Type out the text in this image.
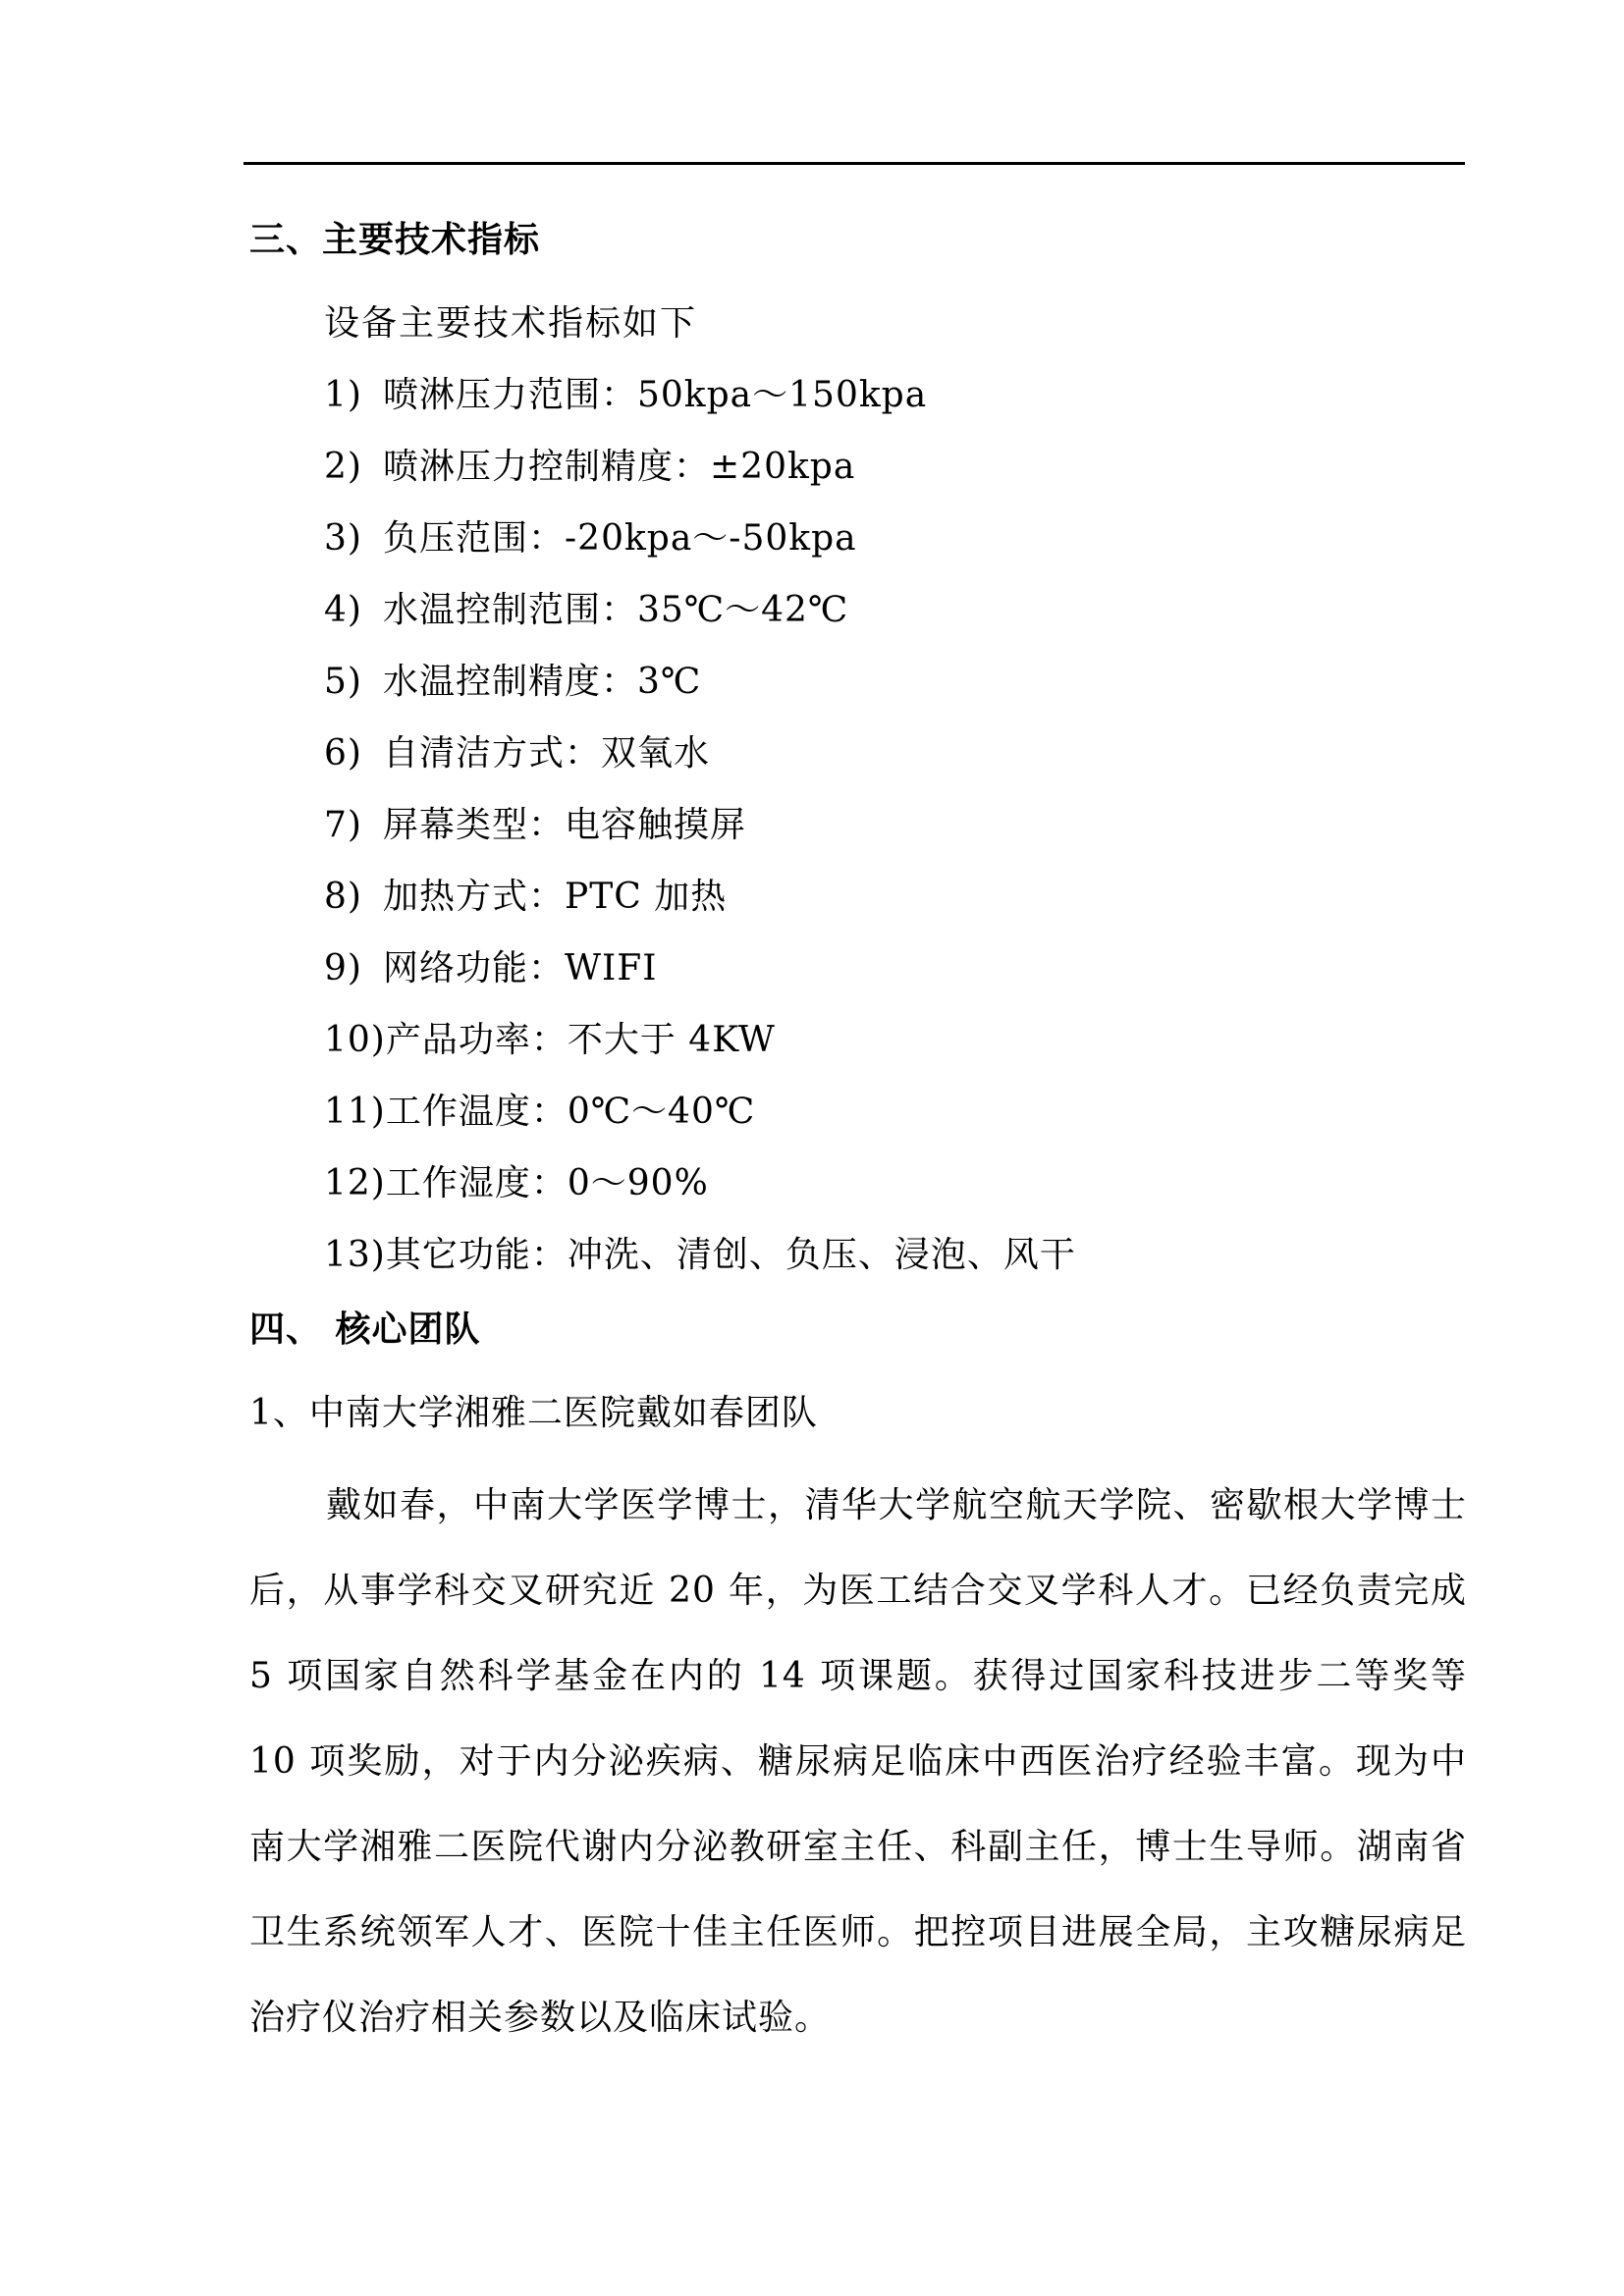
三、主要技术指标
设备主要技术指标如下
1) 喷淋压力范围：50kpa～150kpa
2) 喷淋压力控制精度：±20kpa
3) 负压范围：-20kpa～-50kpa
4) 水温控制范围：35℃～42℃
5) 水温控制精度：3℃
6) 自清洁方式：双氧水
7) 屏幕类型：电容触摸屏
8) 加热方式：PTC 加热
9) 网络功能：WIFI
10)产品功率：不大于 4KW
11)工作温度：0℃～40℃
12)工作湿度：0～90%
13)其它功能：冲洗、清创、负压、浸泡、风干
四、 核心团队
1、中南大学湘雅二医院戴如春团队

戴如春，中南大学医学博士，清华大学航空航天学院、密歇根大学博士后，从事学科交叉研究近 20 年，为医工结合交叉学科人才。已经负责完成 5 项国家自然科学基金在内的 14 项课题。获得过国家科技进步二等奖等 10 项奖励，对于内分泌疾病、糖尿病足临床中西医治疗经验丰富。现为中南大学湘雅二医院代谢内分泌教研室主任、科副主任，博士生导师。湖南省卫生系统领军人才、医院十佳主任医师。把控项目进展全局，主攻糖尿病足治疗仪治疗相关参数以及临床试验。
